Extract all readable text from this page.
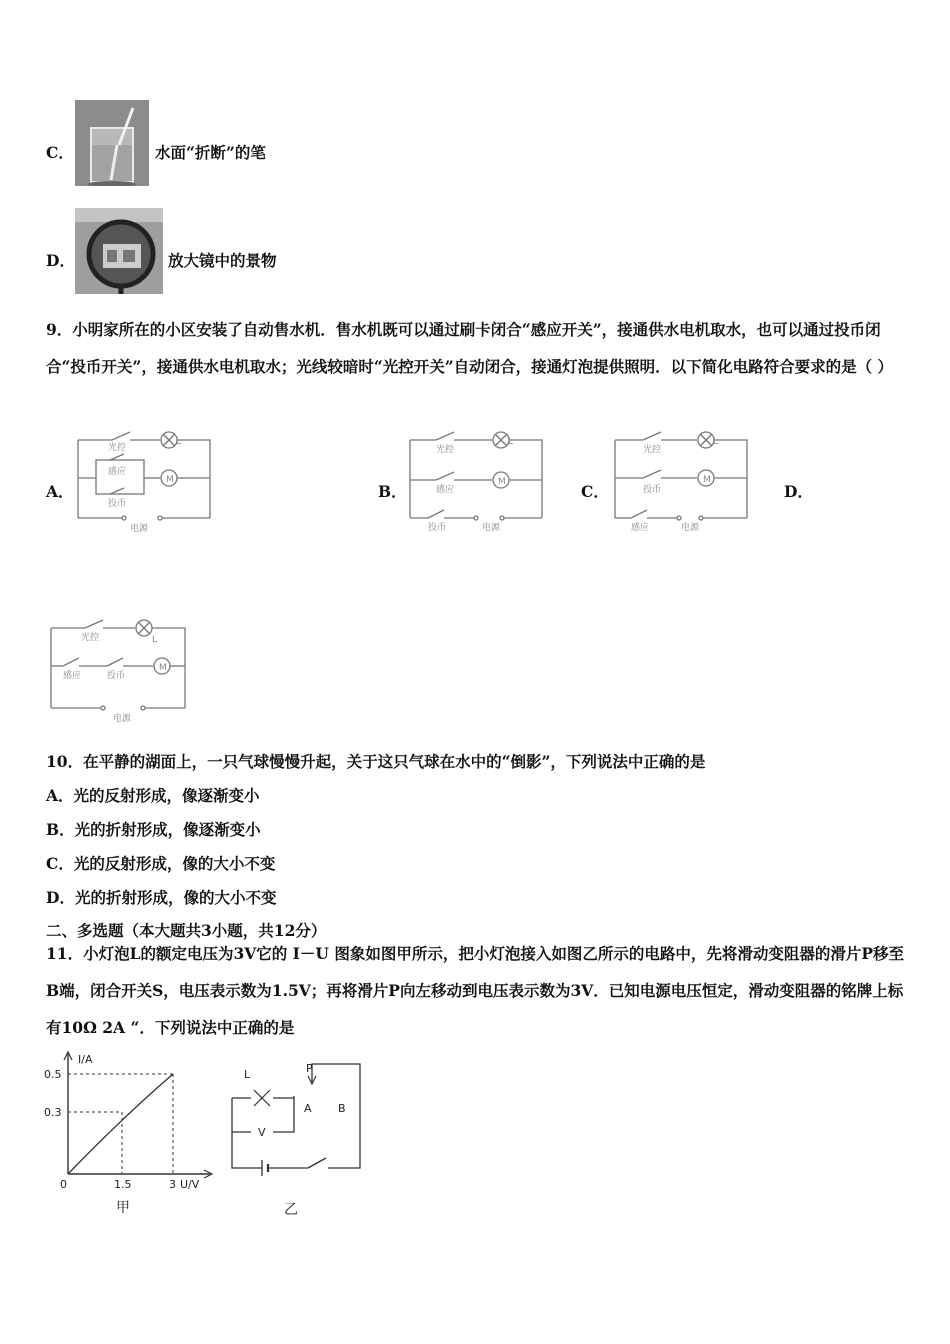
C．	水面“折断”的笔
D．	放大镜中的景物
9．小明家所在的小区安装了自动售水机．售水机既可以通过刷卡闭合“感应开关”，接通供水电机取水，也可以通过投币闭合“投币开关”，接通供水电机取水；光线较暗时“光控开关”自动闭合，接通灯泡提供照明．以下简化电路符合要求的是（ ）
A．
L
M
光控
感应
投币
电源
B．
L
M
光控
感应
投币	电源
C．
光控
L
M
投币
感应	电源
D．
光控	L
M
感应	投币
电源
10．在平静的湖面上，一只气球慢慢升起，关于这只气球在水中的“倒影”，下列说法中正确的是
A．光的反射形成，像逐渐变小
B．光的折射形成，像逐渐变小
C．光的反射形成，像的大小不变
D．光的折射形成，像的大小不变
二、多选题（本大题共3小题，共12分）
11．小灯泡L的额定电压为3V它的 I－U 图象如图甲所示，把小灯泡接入如图乙所示的电路中，先将滑动变阻器的滑片P移至B端，闭合开关S，电压表示数为1.5V；再将滑片P向左移动到电压表示数为3V．已知电源电压恒定，滑动变阻器的铭牌上标有10Ω 2A “．下列说法中正确的是
I/A
0.5
0.3
0	1.5	3 U/V
甲
L	P
A B
V
乙
